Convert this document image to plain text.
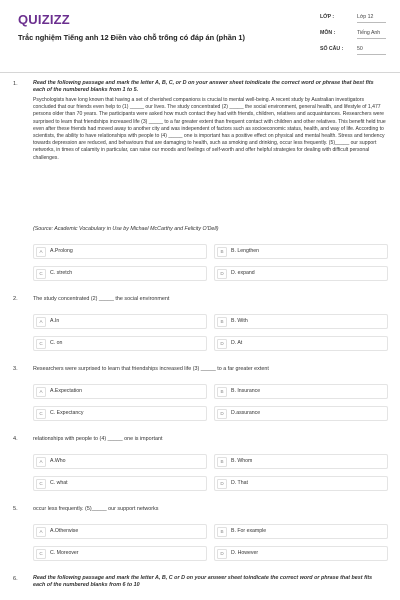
QUIZIZZ
Trắc nghiệm Tiếng anh 12 Điền vào chỗ trống có đáp án (phần 1)
LỚP :	Lớp 12
MÔN :	Tiếng Anh
SỐ CÂU :	50
1.	Read the following passage and mark the letter A, B, C, or D on your answer sheet toindicate the correct word or phrase that best fits each of the numbered blanks from 1 to 5.
Psychologists have long known that having a set of cherished companions is crucial to mental well-being. A recent study by Australian investigators concluded that our friends even help to (1) _____ our lives. The study concentrated (2) _____ the social environment, general health, and lifestyle of 1,477 persons older than 70 years. The participants were asked how much contact they had with friends, children, relatives and acquaintances. Researchers were surprised to learn that friendships increased life (3) _____ to a far greater extent than frequent contact with children and other relatives. This benefit held true even after these friends had moved away to another city and was independent of factors such as socioeconomic status, health, and way of life. According to scientists, the ability to have relationships with people to (4) _____ one is important has a positive effect on physical and mental health. Stress and tendency towards depression are reduced, and behaviours that are damaging to health, such as smoking and drinking, occur less frequently. (5)_____ our support networks, in times of calamity in particular, can raise our moods and feelings of self-worth and offer helpful strategies for dealing with difficult personal challenges.
(Source: Academic Vocabulary in Use by Michael McCarthy and Felicity O'Dell)
A	A.Prolong	B	B. Lengthen
C	C. stretch	D	D. expand
2.	The study concentrated (2) _____ the social environment
A	A.In	B	B. With
C	C. on	D	D. At
3.	Researchers were surprised to learn that friendships increased life (3) _____ to a far greater extent
A	A.Expectation	B	B. Insurance
C	C. Expectancy	D	D.assurance
4.	relationships with people to (4) _____ one is important
A	A.Who	B	B. Whom
C	C. what	D	D. That
5.	occur less frequently. (5)_____ our support networks
A	A.Otherwise	B	B. For example
C	C. Moreover	D	D. However
6.	Read the following passage and mark the letter A, B, C or D on your answer sheet toindicate the correct word or phrase that best fits each of the numbered blanks from 6 to 10
